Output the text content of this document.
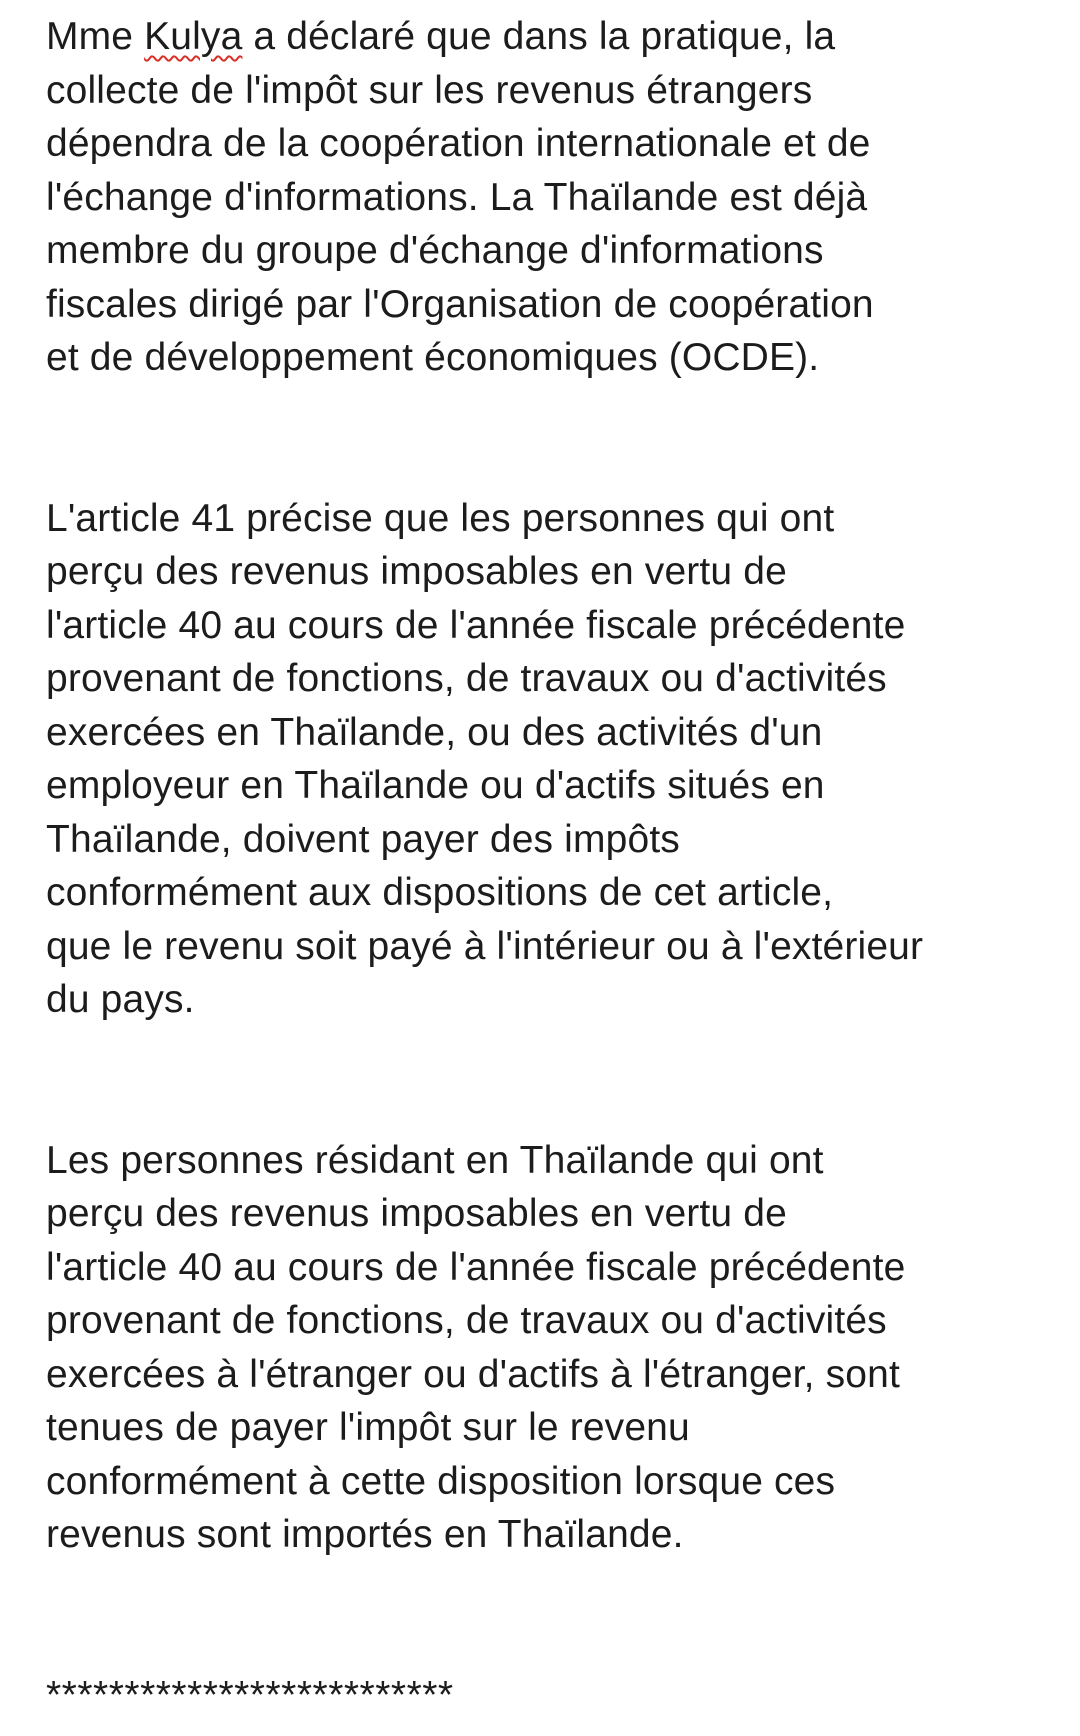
Mme Kulya a déclaré que dans la pratique, la
collecte de l'impôt sur les revenus étrangers
dépendra de la coopération internationale et de
l'échange d'informations. La Thaïlande est déjà
membre du groupe d'échange d'informations
fiscales dirigé par l'Organisation de coopération
et de développement économiques (OCDE).

L'article 41 précise que les personnes qui ont
perçu des revenus imposables en vertu de
l'article 40 au cours de l'année fiscale précédente
provenant de fonctions, de travaux ou d'activités
exercées en Thaïlande, ou des activités d'un
employeur en Thaïlande ou d'actifs situés en
Thaïlande, doivent payer des impôts
conformément aux dispositions de cet article,
que le revenu soit payé à l'intérieur ou à l'extérieur
du pays.

Les personnes résidant en Thaïlande qui ont
perçu des revenus imposables en vertu de
l'article 40 au cours de l'année fiscale précédente
provenant de fonctions, de travaux ou d'activités
exercées à l'étranger ou d'actifs à l'étranger, sont
tenues de payer l'impôt sur le revenu
conformément à cette disposition lorsque ces
revenus sont importés en Thaïlande.

**************************
